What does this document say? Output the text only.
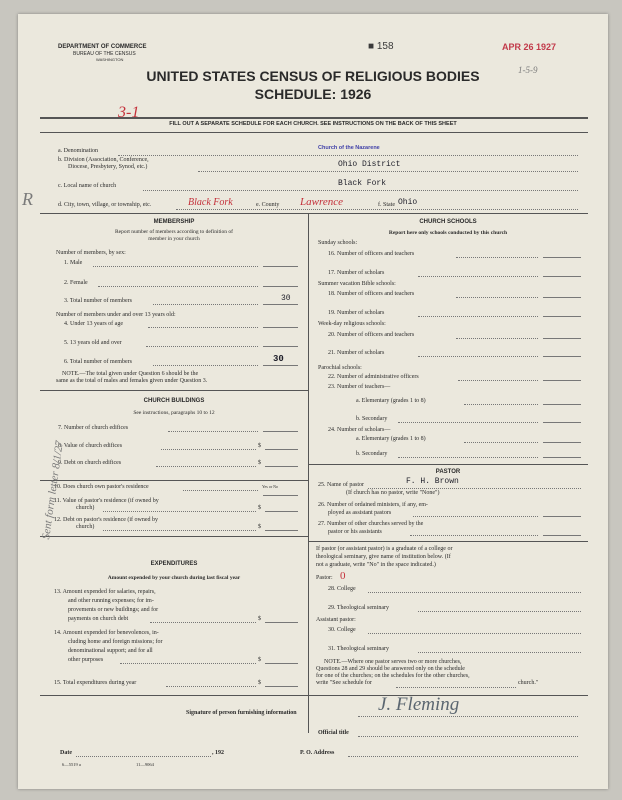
DEPARTMENT OF COMMERCE
BUREAU OF THE CENSUS
WASHINGTON
■ 158	APR 26 1927
1-5-9
UNITED STATES CENSUS OF RELIGIOUS BODIES
SCHEDULE: 1926
3-1
FILL OUT A SEPARATE SCHEDULE FOR EACH CHURCH. SEE INSTRUCTIONS ON THE BACK OF THIS SHEET
a. Denomination	Church of the Nazarene
b. Division (Association, Conference,
Diocese, Presbytery, Synod, etc.)	Ohio District
c. Local name of church	Black Fork
d. City, town, village, or township, etc.	Black Fork	e. County Lawrence	f. State Ohio
R
MEMBERSHIP
Report number of members according to definition of
member in your church
Number of members, by sex:
1. Male
2. Female
3. Total number of members	30
Number of members under and over 13 years old:
4. Under 13 years of age
5. 13 years old and over
6. Total number of members	30
NOTE.—The total given under Question 6 should be the
same as the total of males and females given under Question 3.
CHURCH BUILDINGS
See instructions, paragraphs 10 to 12
7. Number of church edifices
8. Value of church edifices	$
9. Debt on church edifices	$
10. Does church own pastor's residence	Yes or No
11. Value of pastor's residence (if owned by
church)	$
12. Debt on pastor's residence (if owned by
church)	$
EXPENDITURES
Amount expended by your church during last fiscal year
13. Amount expended for salaries, repairs,
and other running expenses; for im-
provements or new buildings; and for
payments on church debt	$
14. Amount expended for benevolences, in-
cluding home and foreign missions; for
denominational support; and for all
other purposes	$
15. Total expenditures during year	$
Sent form letter 8/1/27
CHURCH SCHOOLS
Report here only schools conducted by this church
Sunday schools:
16. Number of officers and teachers
17. Number of scholars
Summer vacation Bible schools:
18. Number of officers and teachers
19. Number of scholars
Week-day religious schools:
20. Number of officers and teachers
21. Number of scholars
Parochial schools:
22. Number of administrative officers
23. Number of teachers—
a. Elementary (grades 1 to 8)
b. Secondary
24. Number of scholars—
a. Elementary (grades 1 to 8)
b. Secondary
PASTOR
25. Name of pastor	F. H. Brown
(If church has no pastor, write "None")
26. Number of ordained ministers, if any, em-
ployed as assistant pastors
27. Number of other churches served by the
pastor or his assistants
If pastor (or assistant pastor) is a graduate of a college or
theological seminary, give name of institution below. (If
not a graduate, write "No" in the space indicated.)
Pastor: 0
28. College
29. Theological seminary
Assistant pastor:
30. College
31. Theological seminary
NOTE.—Where one pastor serves two or more churches,
Questions 28 and 29 should be answered only on the schedule
for one of the churches; on the schedules for the other churches,
write "See schedule for	church."
Signature of person furnishing information	J. Fleming
Official title
Date	, 192	P. O. Address
6—5519 a	11—9064
